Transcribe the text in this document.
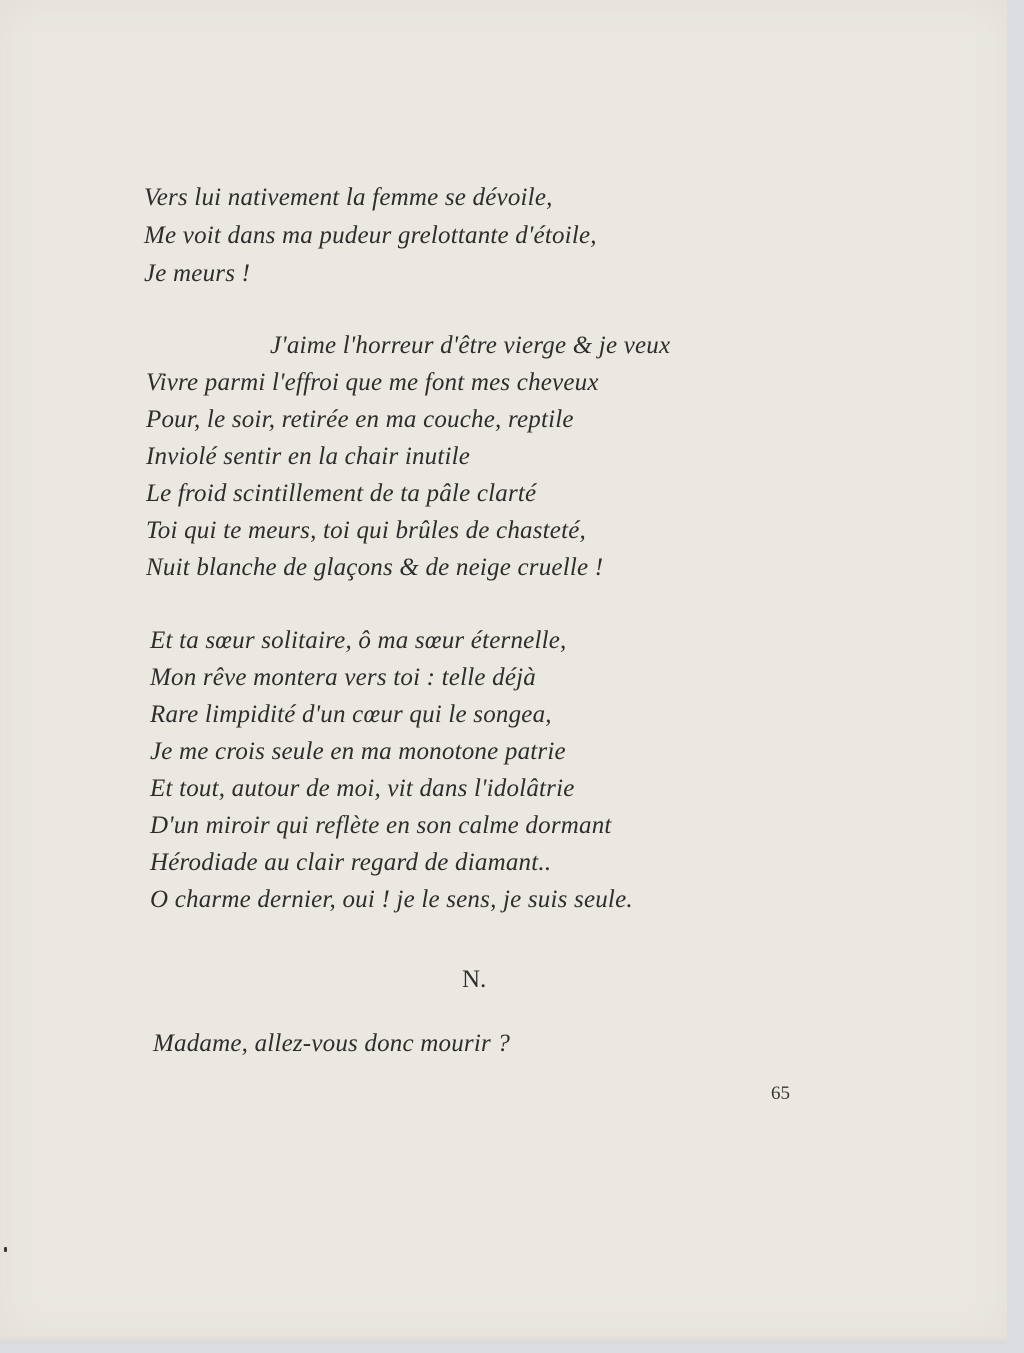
Vers lui nativement la femme se dévoile,
Me voit dans ma pudeur grelottante d'étoile,
Je meurs !
J'aime l'horreur d'être vierge & je veux
Vivre parmi l'effroi que me font mes cheveux
Pour, le soir, retirée en ma couche, reptile
Inviolé sentir en la chair inutile
Le froid scintillement de ta pâle clarté
Toi qui te meurs, toi qui brûles de chasteté,
Nuit blanche de glaçons & de neige cruelle !
Et ta sœur solitaire, ô ma sœur éternelle,
Mon rêve montera vers toi : telle déjà
Rare limpidité d'un cœur qui le songea,
Je me crois seule en ma monotone patrie
Et tout, autour de moi, vit dans l'idolâtrie
D'un miroir qui reflète en son calme dormant
Hérodiade au clair regard de diamant..
O charme dernier, oui ! je le sens, je suis seule.
N.
Madame, allez-vous donc mourir ?
65
